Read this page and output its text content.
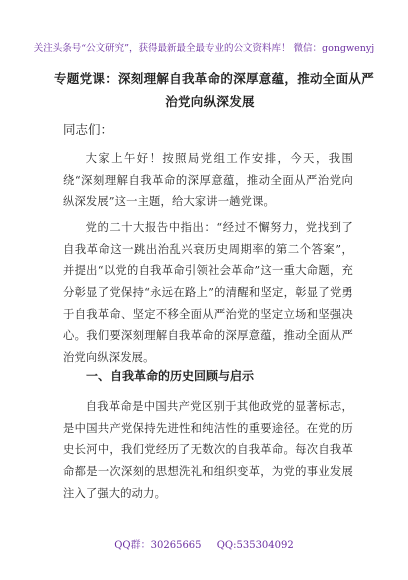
关注头条号“公文研究”，获得最新最全最专业的公文资料库！ 微信：gongwenyj
专题党课：深刻理解自我革命的深厚意蕴，推动全面从严
治党向纵深发展
同志们：

大家上午好！按照局党组工作安排，今天，我围绕“深刻理解自我革命的深厚意蕴，推动全面从严治党向纵深发展”这一主题，给大家讲一趟党课。

党的二十大报告中指出：“经过不懈努力，党找到了自我革命这一跳出治乱兴衰历史周期率的第二个答案”，并提出“以党的自我革命引领社会革命”这一重大命题，充分彰显了党保持“永远在路上”的清醒和坚定，彰显了党勇于自我革命、坚定不移全面从严治党的坚定立场和坚强决心。我们要深刻理解自我革命的深厚意蕴，推动全面从严治党向纵深发展。

一、自我革命的历史回顾与启示

自我革命是中国共产党区别于其他政党的显著标志，是中国共产党保持先进性和纯洁性的重要途径。在党的历史长河中，我们党经历了无数次的自我革命。每次自我革命都是一次深刻的思想洗礼和组织变革，为党的事业发展注入了强大的动力。

QQ群：30265665 QQ:535304092
